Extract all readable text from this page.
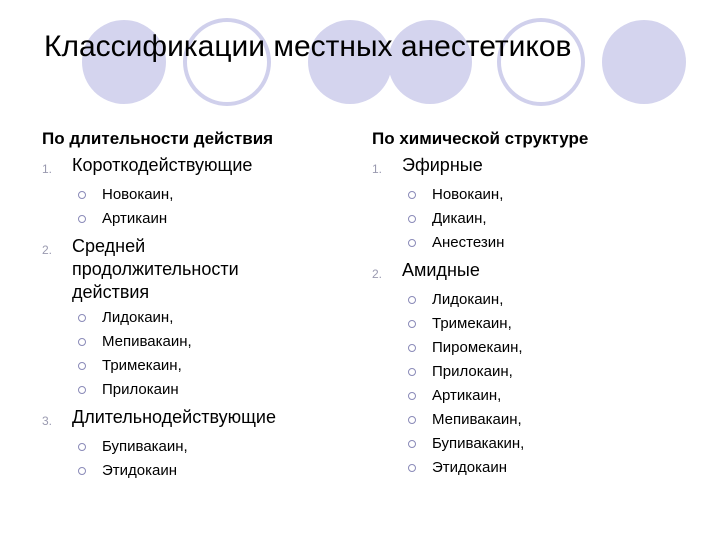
Классификации местных анестетиков
По длительности действия
1.	Короткодействующие
Новокаин,
Артикаин
2.	Средней продолжительности действия
Лидокаин,
Мепивакаин,
Тримекаин,
Прилокаин
3.	Длительнодействующие
Бупивакаин,
Этидокаин
По химической структуре
1.	Эфирные
Новокаин,
Дикаин,
Анестезин
2.	Амидные
Лидокаин,
Тримекаин,
Пиромекаин,
Прилокаин,
Артикаин,
Мепивакаин,
Бупивакакин,
Этидокаин
